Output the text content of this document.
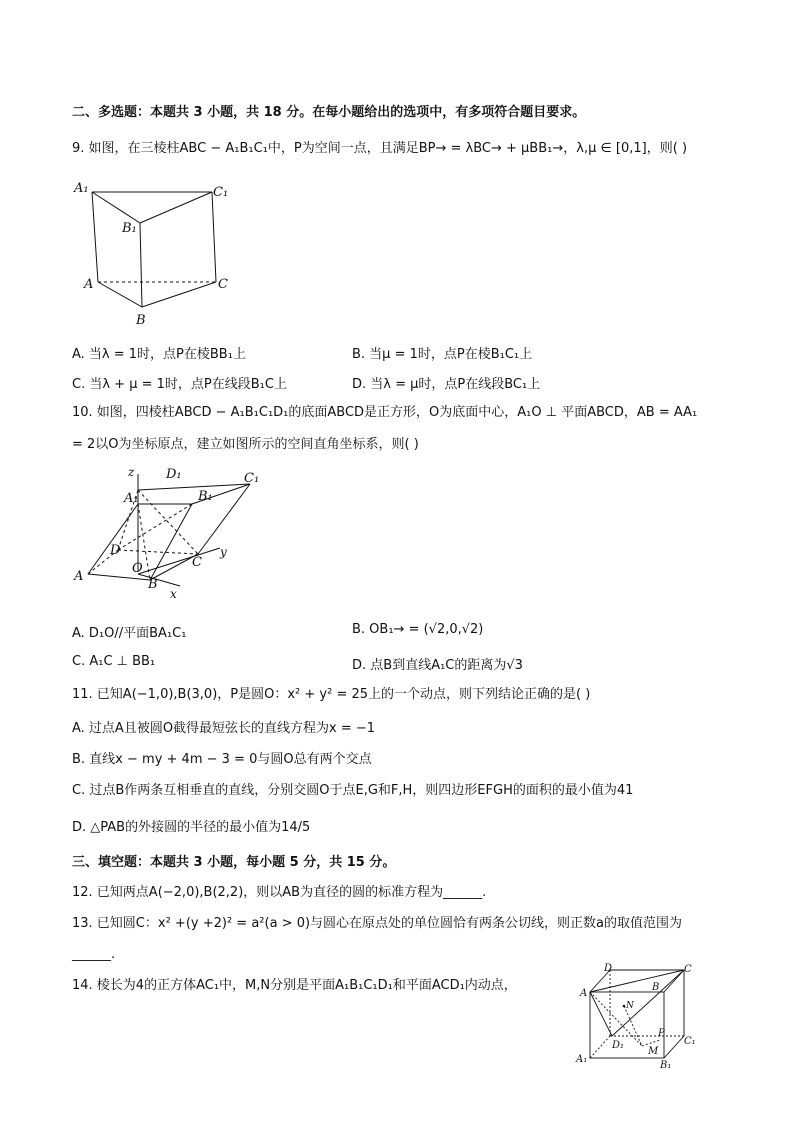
二、多选题：本题共 3 小题，共 18 分。在每小题给出的选项中，有多项符合题目要求。
9. 如图，在三棱柱ABC − A₁B₁C₁中，P为空间一点，且满足BP→ = λBC→ + μBB₁→，λ,μ ∈ [0,1]，则( )
A₁	C₁
B₁
A	C
B
A. 当λ = 1时，点P在棱BB₁上	B. 当μ = 1时，点P在棱B₁C₁上
C. 当λ + μ = 1时，点P在线段B₁C上	D. 当λ = μ时，点P在线段BC₁上
10. 如图，四棱柱ABCD − A₁B₁C₁D₁的底面ABCD是正方形，O为底面中心，A₁O ⊥ 平面ABCD，AB = AA₁
= 2以O为坐标原点，建立如图所示的空间直角坐标系，则( )
z D₁	C₁
A₁	B₁
D	y
C
O
A
B
x
A. D₁O//平面BA₁C₁	B. OB₁→ = (√2,0,√2)
C. A₁C ⊥ BB₁	D. 点B到直线A₁C的距离为√3
11. 已知A(−1,0),B(3,0)，P是圆O：x² + y² = 25上的一个动点，则下列结论正确的是( )
A. 过点A且被圆O截得最短弦长的直线方程为x = −1
B. 直线x − my + 4m − 3 = 0与圆O总有两个交点
C. 过点B作两条互相垂直的直线，分别交圆O于点E,G和F,H，则四边形EFGH的面积的最小值为41
D. △PAB的外接圆的半径的最小值为14/5
三、填空题：本题共 3 小题，每小题 5 分，共 15 分。
12. 已知两点A(−2,0),B(2,2)，则以AB为直径的圆的标准方程为______.
13. 已知圆C：x² +(y +2)² = a²(a > 0)与圆心在原点处的单位圆恰有两条公切线，则正数a的取值范围为
______.
14. 棱长为4的正方体AC₁中，M,N分别是平面A₁B₁C₁D₁和平面ACD₁内动点，
D	C
A
B
N
P
D₁
M
C₁
A₁
B₁
